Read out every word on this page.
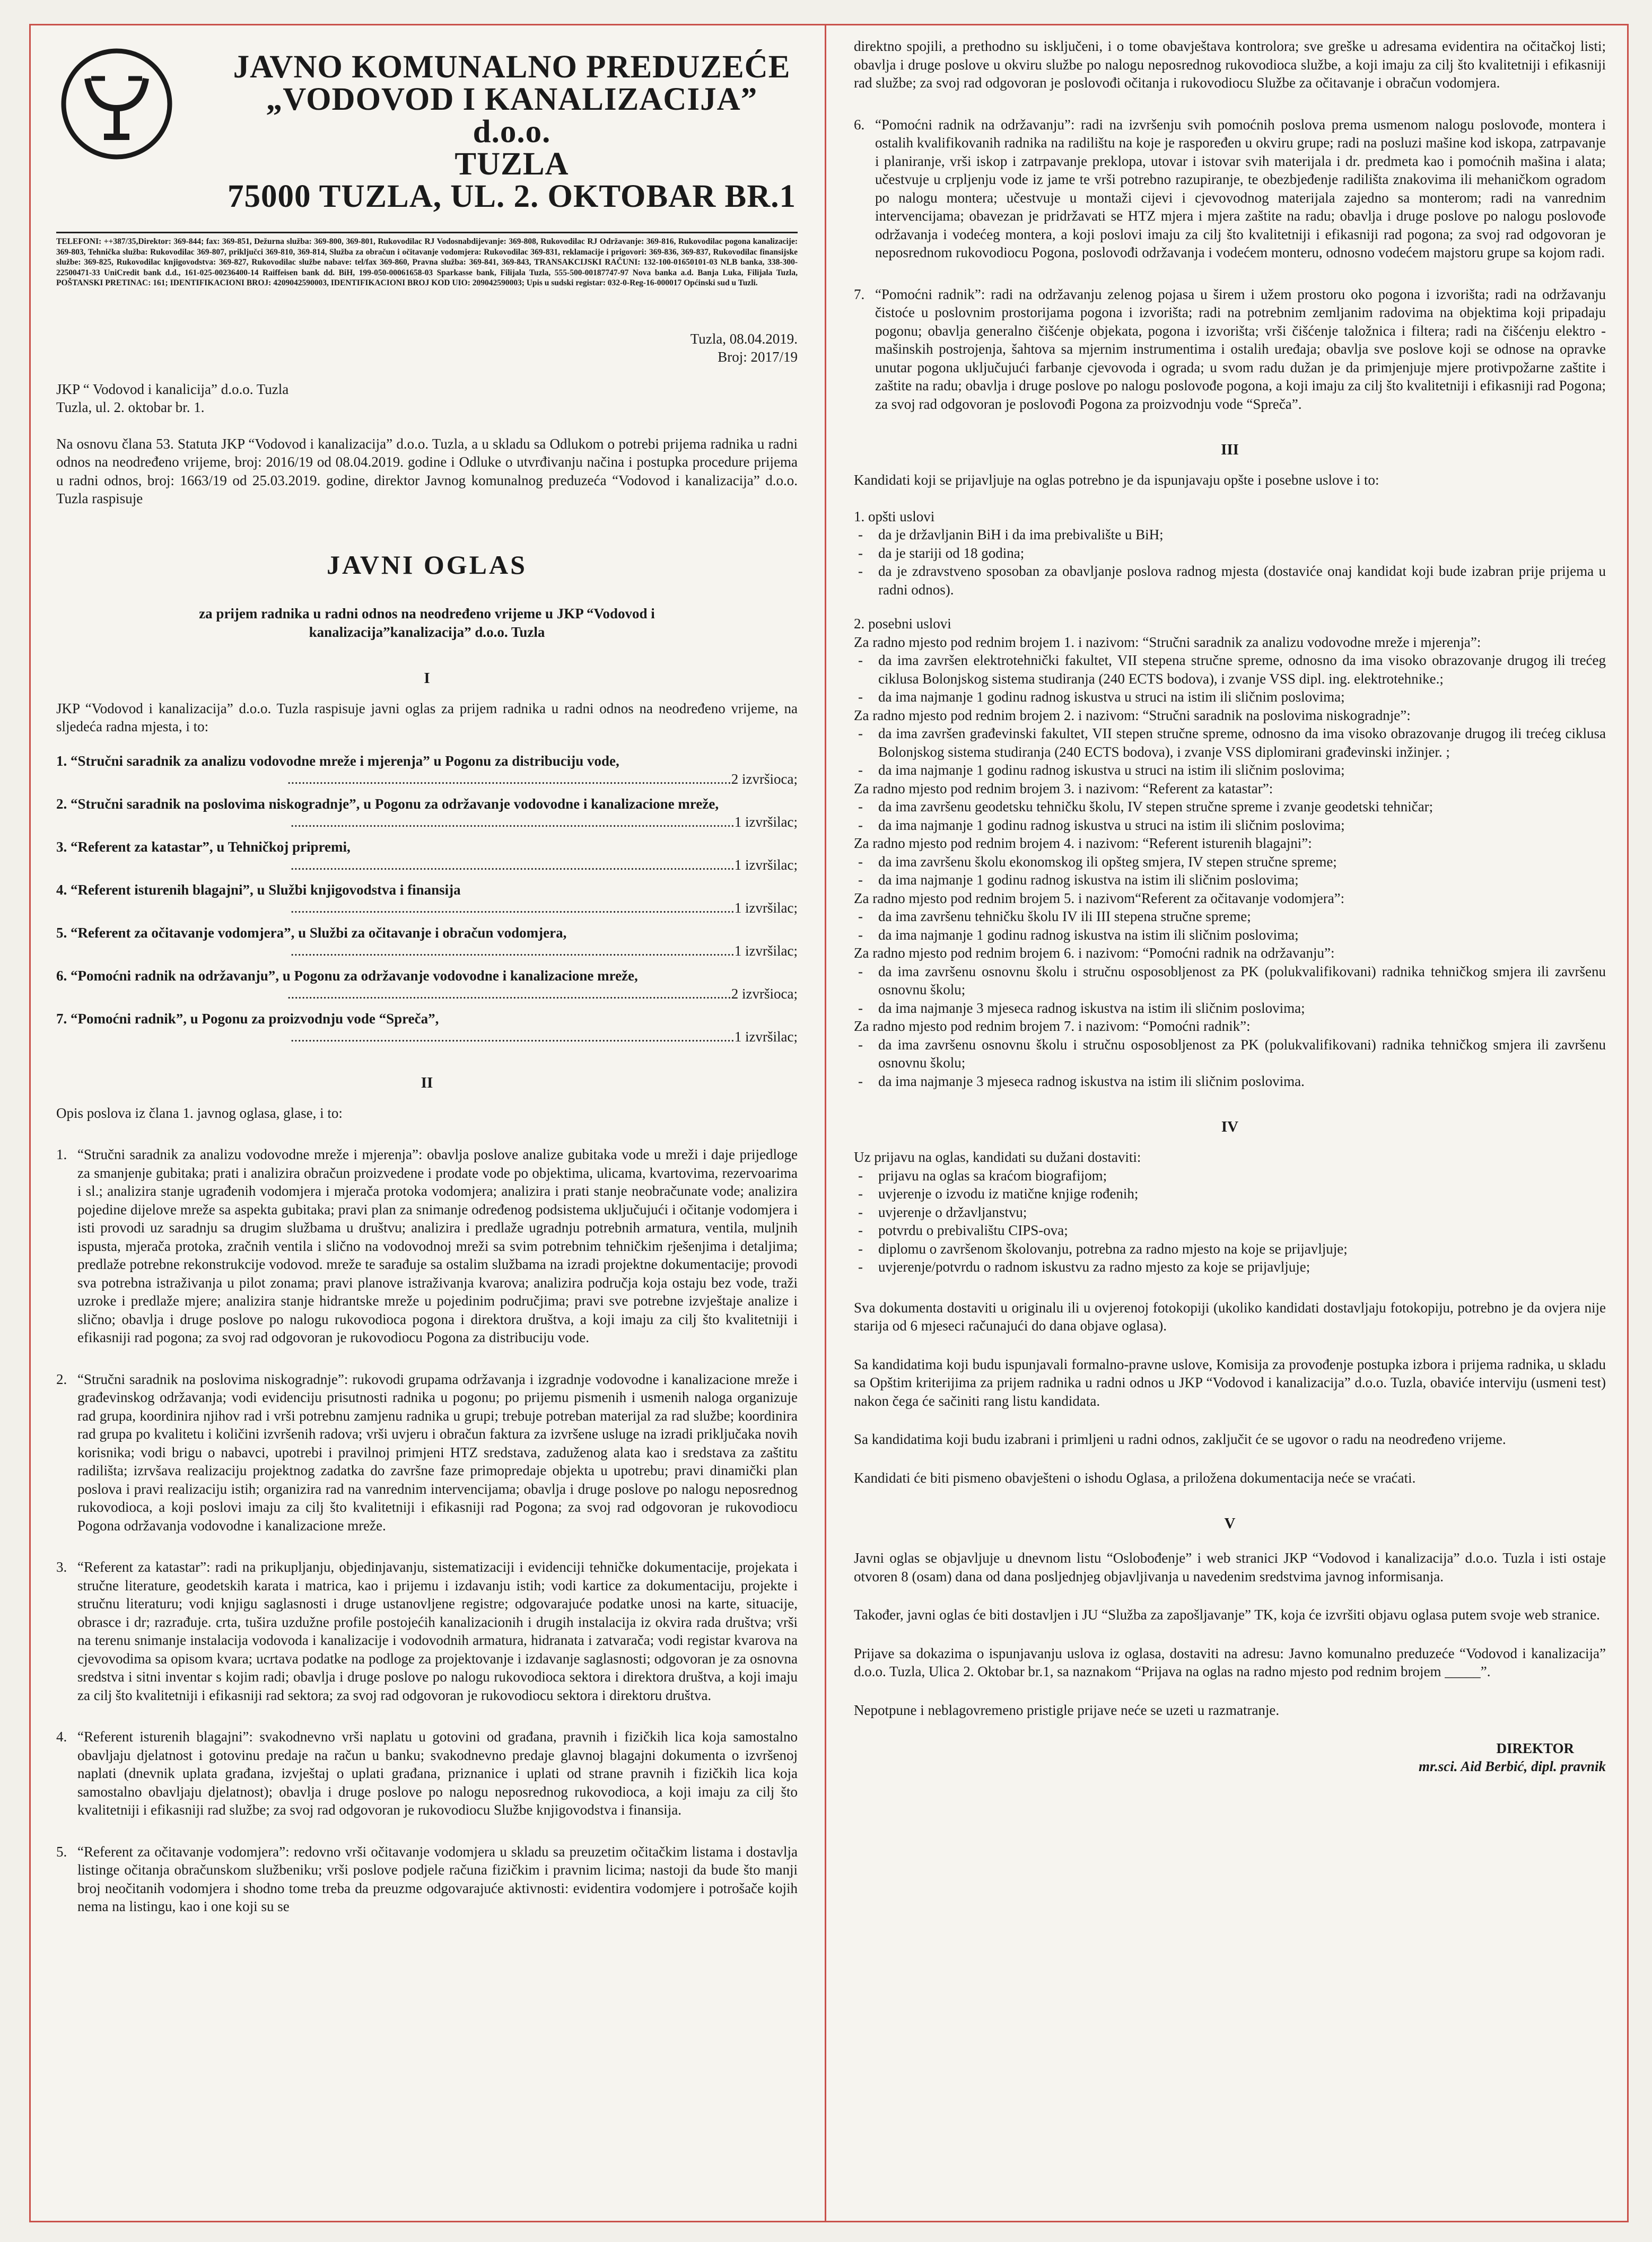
JAVNO KOMUNALNO PREDUZEĆE
„VODOVOD I KANALIZACIJA” d.o.o.
TUZLA
75000 TUZLA, UL. 2. OKTOBAR BR.1
TELEFONI: ++387/35,Direktor: 369-844; fax: 369-851, Dežurna služba: 369-800, 369-801, Rukovodilac RJ Vodosnabdijevanje: 369-808, Rukovodilac RJ Održavanje: 369-816, Rukovodilac pogona kanalizacije: 369-803, Tehnička služba: Rukovodilac 369-807, priključci 369-810, 369-814, Služba za obračun i očitavanje vodomjera: Rukovodilac 369-831, reklamacije i prigovori: 369-836, 369-837, Rukovodilac finansijske službe: 369-825, Rukovodilac knjigovodstva: 369-827, Rukovodilac službe nabave: tel/fax 369-860, Pravna služba: 369-841, 369-843, TRANSAKCIJSKI RAČUNI: 132-100-01650101-03 NLB banka, 338-300-22500471-33 UniCredit bank d.d., 161-025-00236400-14 Raiffeisen bank dd. BiH, 199-050-00061658-03 Sparkasse bank, Filijala Tuzla, 555-500-00187747-97 Nova banka a.d. Banja Luka, Filijala Tuzla, POŠTANSKI PRETINAC: 161; IDENTIFIKACIONI BROJ: 4209042590003, IDENTIFIKACIONI BROJ KOD UIO: 209042590003; Upis u sudski registar: 032-0-Reg-16-000017 Općinski sud u Tuzli.
Tuzla, 08.04.2019.
Broj: 2017/19
JKP “ Vodovod i kanalicija” d.o.o. Tuzla
Tuzla, ul. 2. oktobar br. 1.

Na osnovu člana 53. Statuta JKP “Vodovod i kanalizacija” d.o.o. Tuzla, a u skladu sa Odlukom o potrebi prijema radnika u radni odnos na neodređeno vrijeme, broj: 2016/19 od 08.04.2019. godine i Odluke o utvrđivanju načina i postupka procedure prijema u radni odnos, broj: 1663/19 od 25.03.2019. godine, direktor Javnog komunalnog preduzeća “Vodovod i kanalizacija” d.o.o. Tuzla raspisuje

JAVNI OGLAS
za prijem radnika u radni odnos na neodređeno vrijeme u JKP “Vodovod i kanalizacija”kanalizacija” d.o.o. Tuzla
I

JKP “Vodovod i kanalizacija” d.o.o. Tuzla raspisuje javni oglas za prijem radnika u radni odnos na neodređeno vrijeme, na sljedeća radna mjesta, i to:

1. “Stručni saradnik za analizu vodovodne mreže i mjerenja” u Pogonu za distribuciju vode,
............................................................................................................................2 izvršioca;
2. “Stručni saradnik na poslovima niskogradnje”, u Pogonu za održavanje vodovodne i kanalizacione mreže,
............................................................................................................................1 izvršilac;
3. “Referent za katastar”, u Tehničkoj pripremi,
............................................................................................................................1 izvršilac;
4. “Referent isturenih blagajni”, u Službi knjigovodstva i finansija
............................................................................................................................1 izvršilac;
5. “Referent za očitavanje vodomjera”, u Službi za očitavanje i obračun vodomjera,
............................................................................................................................1 izvršilac;
6. “Pomoćni radnik na održavanju”, u Pogonu za održavanje vodovodne i kanalizacione mreže,
............................................................................................................................2 izvršioca;
7. “Pomoćni radnik”, u Pogonu za proizvodnju vode “Spreča”,
............................................................................................................................1 izvršilac;
II

Opis poslova iz člana 1. javnog oglasa, glase, i to:

1. “Stručni saradnik za analizu vodovodne mreže i mjerenja”: obavlja poslove analize gubitaka vode u mreži i daje prijedloge za smanjenje gubitaka; prati i analizira obračun proizvedene i prodate vode po objektima, ulicama, kvartovima, rezervoarima i sl.; analizira stanje ugrađenih vodomjera i mjerača protoka vodomjera; analizira i prati stanje neobračunate vode; analizira pojedine dijelove mreže sa aspekta gubitaka; pravi plan za snimanje određenog podsistema uključujući i očitanje vodomjera i isti provodi uz saradnju sa drugim službama u društvu; analizira i predlaže ugradnju potrebnih armatura, ventila, muljnih ispusta, mjerača protoka, zračnih ventila i slično na vodovodnoj mreži sa svim potrebnim tehničkim rješenjima i detaljima; predlaže potrebne rekonstrukcije vodovod. mreže te sarađuje sa ostalim službama na izradi projektne dokumentacije; provodi sva potrebna istraživanja u pilot zonama; pravi planove istraživanja kvarova; analizira područja koja ostaju bez vode, traži uzroke i predlaže mjere; analizira stanje hidrantske mreže u pojedinim područjima; pravi sve potrebne izvještaje analize i slično; obavlja i druge poslove po nalogu rukovodioca pogona i direktora društva, a koji imaju za cilj što kvalitetniji i efikasniji rad pogona; za svoj rad odgovoran je rukovodiocu Pogona za distribuciju vode.
2. “Stručni saradnik na poslovima niskogradnje”: rukovodi grupama održavanja i izgradnje vodovodne i kanalizacione mreže i građevinskog održavanja; vodi evidenciju prisutnosti radnika u pogonu; po prijemu pismenih i usmenih naloga organizuje rad grupa, koordinira njihov rad i vrši potrebnu zamjenu radnika u grupi; trebuje potreban materijal za rad službe; koordinira rad grupa po kvalitetu i količini izvršenih radova; vrši uvjeru i obračun faktura za izvršene usluge na izradi priključaka novih korisnika; vodi brigu o nabavci, upotrebi i pravilnoj primjeni HTZ sredstava, zaduženog alata kao i sredstava za zaštitu radilišta; izrvšava realizaciju projektnog zadatka do završne faze primopredaje objekta u upotrebu; pravi dinamički plan poslova i pravi realizaciju istih; organizira rad na vanrednim intervencijama; obavlja i druge poslove po nalogu neposrednog rukovodioca, a koji poslovi imaju za cilj što kvalitetniji i efikasniji rad Pogona; za svoj rad odgovoran je rukovodiocu Pogona održavanja vodovodne i kanalizacione mreže.
3. “Referent za katastar”: radi na prikupljanju, objedinjavanju, sistematizaciji i evidenciji tehničke dokumentacije, projekata i stručne literature, geodetskih karata i matrica, kao i prijemu i izdavanju istih; vodi kartice za dokumentaciju, projekte i stručnu literaturu; vodi knjigu saglasnosti i druge ustanovljene registre; odgovarajuće podatke unosi na karte, situacije, obrasce i dr; razrađuje. crta, tušira uzdužne profile postojećih kanalizacionih i drugih instalacija iz okvira rada društva; vrši na terenu snimanje instalacija vodovoda i kanalizacije i vodovodnih armatura, hidranata i zatvarača; vodi registar kvarova na cjevovodima sa opisom kvara; ucrtava podatke na podloge za projektovanje i izdavanje saglasnosti; odgovoran je za osnovna sredstva i sitni inventar s kojim radi; obavlja i druge poslove po nalogu rukovodioca sektora i direktora društva, a koji imaju za cilj što kvalitetniji i efikasniji rad sektora; za svoj rad odgovoran je rukovodiocu sektora i direktoru društva.
4. “Referent isturenih blagajni”: svakodnevno vrši naplatu u gotovini od građana, pravnih i fizičkih lica koja samostalno obavljaju djelatnost i gotovinu predaje na račun u banku; svakodnevno predaje glavnoj blagajni dokumenta o izvršenoj naplati (dnevnik uplata građana, izvještaj o uplati građana, priznanice i uplati od strane pravnih i fizičkih lica koja samostalno obavljaju djelatnost); obavlja i druge poslove po nalogu neposrednog rukovodioca, a koji imaju za cilj što kvalitetniji i efikasniji rad službe; za svoj rad odgovoran je rukovodiocu Službe knjigovodstva i finansija.
5. “Referent za očitavanje vodomjera”: redovno vrši očitavanje vodomjera u skladu sa preuzetim očitačkim listama i dostavlja listinge očitanja obračunskom službeniku; vrši poslove podjele računa fizičkim i pravnim licima; nastoji da bude što manji broj neočitanih vodomjera i shodno tome treba da preuzme odgovarajuće aktivnosti: evidentira vodomjere i potrošače kojih nema na listingu, kao i one koji su se

direktno spojili, a prethodno su isključeni, i o tome obavještava kontrolora; sve greške u adresama evidentira na očitačkoj listi; obavlja i druge poslove u okviru službe po nalogu neposrednog rukovodioca službe, a koji imaju za cilj što kvalitetniji i efikasniji rad službe; za svoj rad odgovoran je poslovođi očitanja i rukovodiocu Službe za očitavanje i obračun vodomjera.

6. “Pomoćni radnik na održavanju”: radi na izvršenju svih pomoćnih poslova prema usmenom nalogu poslovođe, montera i ostalih kvalifikovanih radnika na radilištu na koje je raspoređen u okviru grupe; radi na posluzi mašine kod iskopa, zatrpavanje i planiranje, vrši iskop i zatrpavanje preklopa, utovar i istovar svih materijala i dr. predmeta kao i pomoćnih mašina i alata; učestvuje u crpljenju vode iz jame te vrši potrebno razupiranje, te obezbjeđenje radilišta znakovima ili mehaničkom ogradom po nalogu montera; učestvuje u montaži cijevi i cjevovodnog materijala zajedno sa monterom; radi na vanrednim intervencijama; obavezan je pridržavati se HTZ mjera i mjera zaštite na radu; obavlja i druge poslove po nalogu poslovođe održavanja i vodećeg montera, a koji poslovi imaju za cilj što kvalitetniji i efikasniji rad pogona; za svoj rad odgovoran je neposrednom rukovodiocu Pogona, poslovođi održavanja i vodećem monteru, odnosno vodećem majstoru grupe sa kojom radi.
7. “Pomoćni radnik”: radi na održavanju zelenog pojasa u širem i užem prostoru oko pogona i izvorišta; radi na održavanju čistoće u poslovnim prostorijama pogona i izvorišta; radi na potrebnim zemljanim radovima na objektima koji pripadaju pogonu; obavlja generalno čišćenje objekata, pogona i izvorišta; vrši čišćenje taložnica i filtera; radi na čišćenju elektro - mašinskih postrojenja, šahtova sa mjernim instrumentima i ostalih uređaja; obavlja sve poslove koji se odnose na opravke unutar pogona uključujući farbanje cjevovoda i ograda; u svom radu dužan je da primjenjuje mjere protivpožarne zaštite i zaštite na radu; obavlja i druge poslove po nalogu poslovođe pogona, a koji imaju za cilj što kvalitetniji i efikasniji rad Pogona; za svoj rad odgovoran je poslovođi Pogona za proizvodnju vode “Spreča”.
III

Kandidati koji se prijavljuje na oglas potrebno je da ispunjavaju opšte i posebne uslove i to:

1. opšti uslovi
-	da je državljanin BiH i da ima prebivalište u BiH;
-	da je stariji od 18 godina;
-	da je zdravstveno sposoban za obavljanje poslova radnog mjesta (dostaviće onaj kandidat koji bude izabran prije prijema u radni odnos).
2. posebni uslovi
Za radno mjesto pod rednim brojem 1. i nazivom: “Stručni saradnik za analizu vodovodne mreže i mjerenja”:
-	da ima završen elektrotehnički fakultet, VII stepena stručne spreme, odnosno da ima visoko obrazovanje drugog ili trećeg ciklusa Bolonjskog sistema studiranja (240 ECTS bodova), i zvanje VSS dipl. ing. elektrotehnike.;
-	da ima najmanje 1 godinu radnog iskustva u struci na istim ili sličnim poslovima;
Za radno mjesto pod rednim brojem 2. i nazivom: “Stručni saradnik na poslovima niskogradnje”:
-	da ima završen građevinski fakultet, VII stepen stručne spreme, odnosno da ima visoko obrazovanje drugog ili trećeg ciklusa Bolonjskog sistema studiranja (240 ECTS bodova), i zvanje VSS diplomirani građevinski inžinjer. ;
-	da ima najmanje 1 godinu radnog iskustva u struci na istim ili sličnim poslovima;
Za radno mjesto pod rednim brojem 3. i nazivom: “Referent za katastar”:
-	da ima završenu geodetsku tehničku školu, IV stepen stručne spreme i zvanje geodetski tehničar;
-	da ima najmanje 1 godinu radnog iskustva u struci na istim ili sličnim poslovima;
Za radno mjesto pod rednim brojem 4. i nazivom: “Referent isturenih blagajni”:
-	da ima završenu školu ekonomskog ili opšteg smjera, IV stepen stručne spreme;
-	da ima najmanje 1 godinu radnog iskustva na istim ili sličnim poslovima;
Za radno mjesto pod rednim brojem 5. i nazivom“Referent za očitavanje vodomjera”:
-	da ima završenu tehničku školu IV ili III stepena stručne spreme;
-	da ima najmanje 1 godinu radnog iskustva na istim ili sličnim poslovima;
Za radno mjesto pod rednim brojem 6. i nazivom: “Pomoćni radnik na održavanju”:
-	da ima završenu osnovnu školu i stručnu osposobljenost za PK (polukvalifikovani) radnika tehničkog smjera ili završenu osnovnu školu;
-	da ima najmanje 3 mjeseca radnog iskustva na istim ili sličnim poslovima;
Za radno mjesto pod rednim brojem 7. i nazivom: “Pomoćni radnik”:
-	da ima završenu osnovnu školu i stručnu osposobljenost za PK (polukvalifikovani) radnika tehničkog smjera ili završenu osnovnu školu;
-	da ima najmanje 3 mjeseca radnog iskustva na istim ili sličnim poslovima.
IV

Uz prijavu na oglas, kandidati su dužani dostaviti:

-	prijavu na oglas sa kraćom biografijom;
-	uvjerenje o izvodu iz matične knjige rođenih;
-	uvjerenje o državljanstvu;
-	potvrdu o prebivalištu CIPS-ova;
-	diplomu o završenom školovanju, potrebna za radno mjesto na koje se prijavljuje;
-	uvjerenje/potvrdu o radnom iskustvu za radno mjesto za koje se prijavljuje;

Sva dokumenta dostaviti u originalu ili u ovjerenoj fotokopiji (ukoliko kandidati dostavljaju fotokopiju, potrebno je da ovjera nije starija od 6 mjeseci računajući do dana objave oglasa).

Sa kandidatima koji budu ispunjavali formalno-pravne uslove, Komisija za provođenje postupka izbora i prijema radnika, u skladu sa Opštim kriterijima za prijem radnika u radni odnos u JKP “Vodovod i kanalizacija” d.o.o. Tuzla, obaviće interviju (usmeni test) nakon čega će sačiniti rang listu kandidata.

Sa kandidatima koji budu izabrani i primljeni u radni odnos, zaključit će se ugovor o radu na neodređeno vrijeme.

Kandidati će biti pismeno obavješteni o ishodu Oglasa, a priložena dokumentacija neće se vraćati.

V

Javni oglas se objavljuje u dnevnom listu “Oslobođenje” i web stranici JKP “Vodovod i kanalizacija” d.o.o. Tuzla i isti ostaje otvoren 8 (osam) dana od dana posljednjeg objavljivanja u navedenim sredstvima javnog informisanja.

Također, javni oglas će biti dostavljen i JU “Služba za zapošljavanje” TK, koja će izvršiti objavu oglasa putem svoje web stranice.

Prijave sa dokazima o ispunjavanju uslova iz oglasa, dostaviti na adresu: Javno komunalno preduzeće “Vodovod i kanalizacija” d.o.o. Tuzla, Ulica 2. Oktobar br.1, sa naznakom “Prijava na oglas na radno mjesto pod rednim brojem _____”.

Nepotpune i neblagovremeno pristigle prijave neće se uzeti u razmatranje.

DIREKTOR
mr.sci. Aid Berbić, dipl. pravnik
